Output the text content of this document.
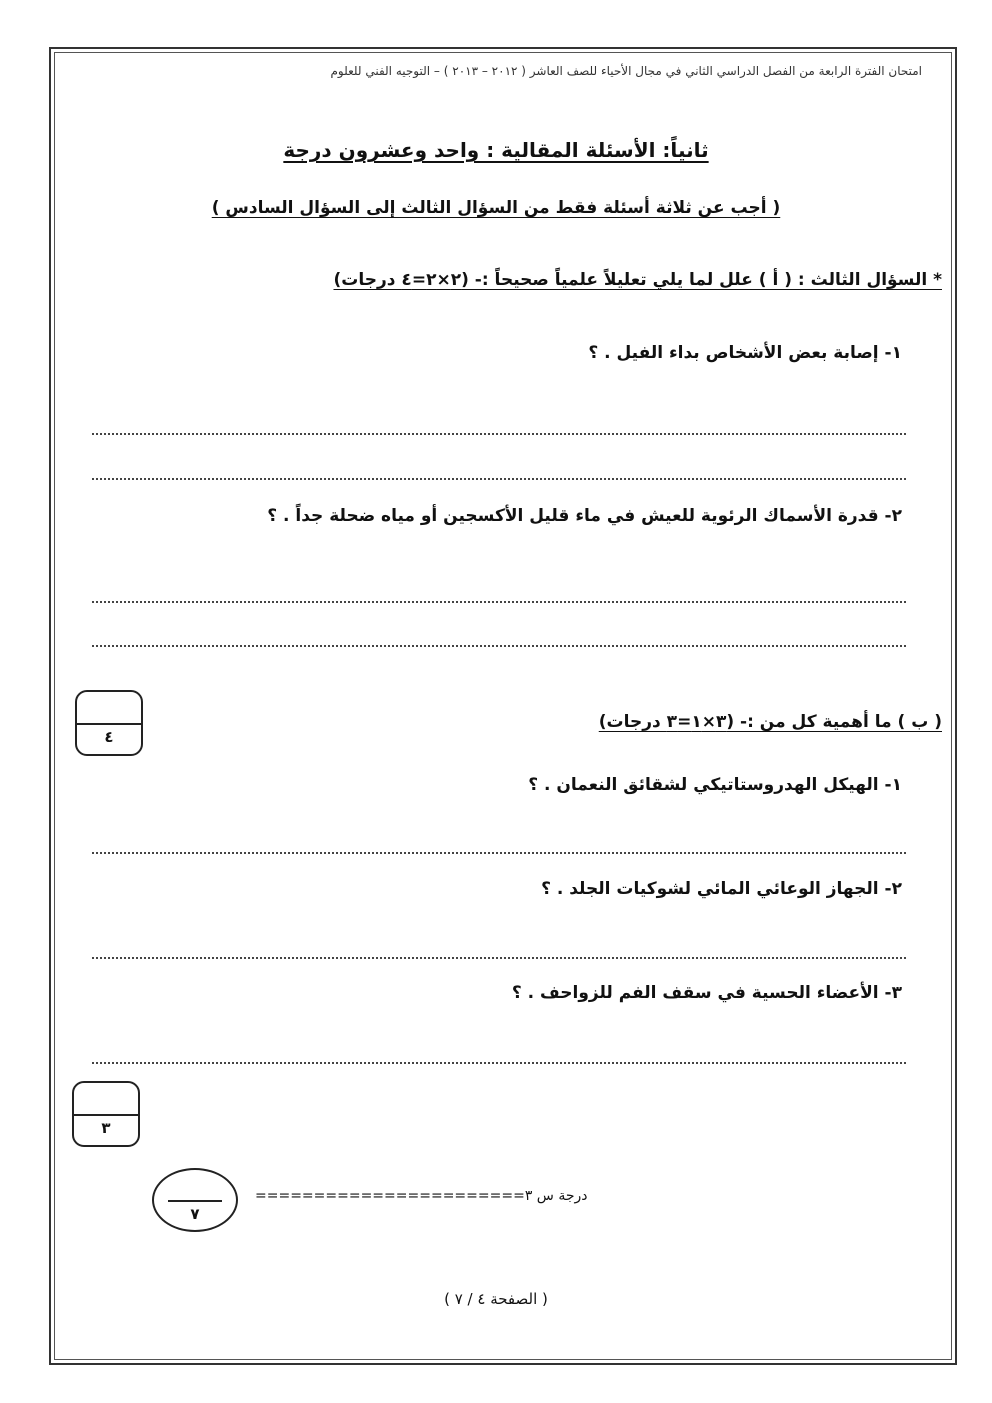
امتحان الفترة الرابعة من الفصل الدراسي الثاني في مجال الأحياء للصف العاشر ( ٢٠١٢ – ٢٠١٣ ) – التوجيه الفني للعلوم
ثانياً: الأسئلة المقالية : واحد وعشرون درجة
( أجب عن ثلاثة أسئلة فقط من السؤال الثالث إلى السؤال السادس )
* السؤال الثالث : ( أ ) علل لما يلي تعليلاً علمياً صحيحاً :- (٢×٢=٤ درجات)
١- إصابة بعض الأشخاص بداء الفيل . ؟
٢- قدرة الأسماك الرئوية للعيش في ماء قليل الأكسجين أو مياه ضحلة جداً . ؟
٤
( ب ) ما أهمية كل من :- (٣×١=٣ درجات)
١- الهيكل الهدروستاتيكي لشقائق النعمان . ؟
٢- الجهاز الوعائي المائي لشوكيات الجلد . ؟
٣- الأعضاء الحسية في سقف الفم للزواحف . ؟
٣
٧
=======================درجة س ٣
( الصفحة ٤ / ٧ )
